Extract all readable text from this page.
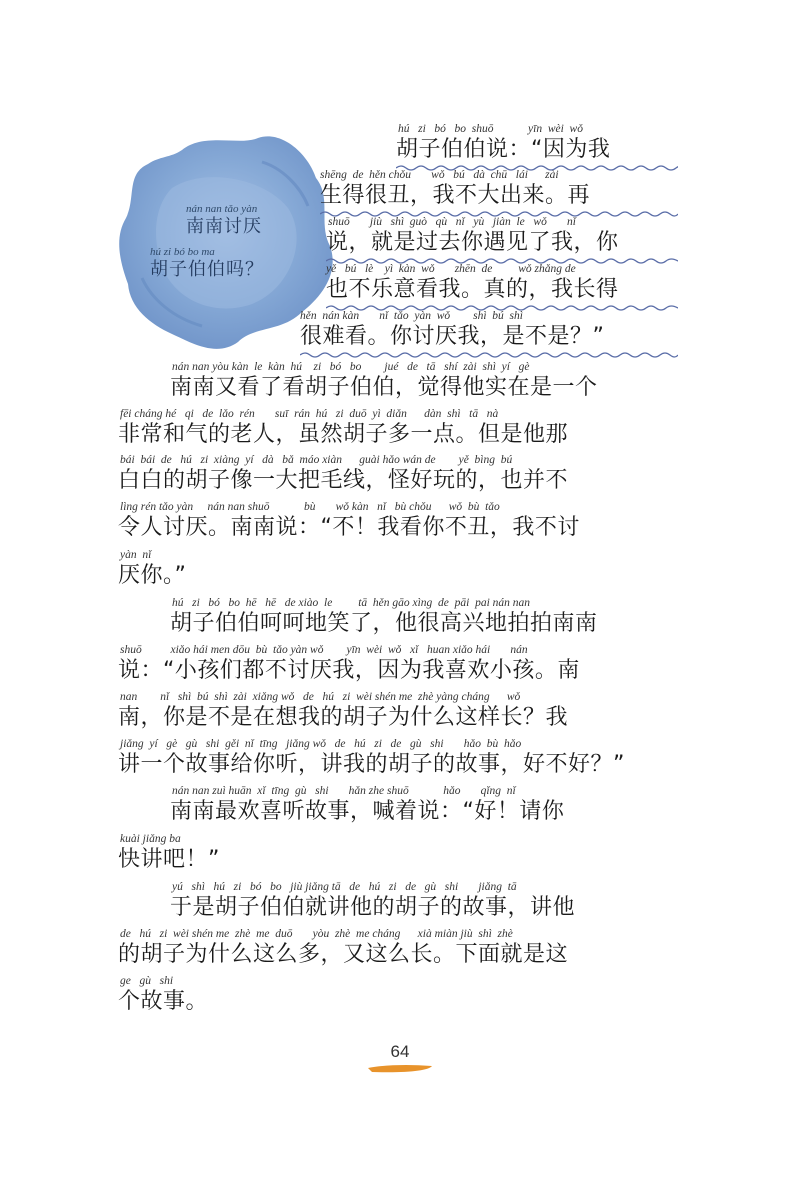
nán nan tǎo yàn
南南讨厌
hú zi bó bo ma
胡子伯伯吗？
hú   zi   bó   bo  shuō            yīn  wèi  wǒ
胡子伯伯说：“因为我
shēng  de  hěn chǒu       wǒ   bú   dà  chū   lái      zài
生得很丑，我不大出来。再
shuō       jiù   shì  guò   qù   nǐ   yù   jiàn  le   wǒ       nǐ
说，就是过去你遇见了我，你
yě   bú   lè    yì  kàn  wǒ       zhēn  de         wǒ zhǎng de
也不乐意看我。真的，我长得
hěn  nán kàn       nǐ  tǎo  yàn  wǒ        shì  bú  shì
很难看。你讨厌我，是不是？”
nán nan yòu kàn  le  kàn  hú    zi   bó   bo        jué   de   tā   shí  zài  shì  yí   gè
南南又看了看胡子伯伯，觉得他实在是一个
fēi cháng hé   qi   de  lǎo  rén       suī  rán  hú   zi  duō  yì  diǎn      dàn  shì   tā   nà
非常和气的老人，虽然胡子多一点。但是他那
bái  bái  de   hú   zi  xiàng  yí   dà   bǎ  máo xiàn      guài hǎo wán de        yě  bìng  bú
白白的胡子像一大把毛线，怪好玩的，也并不
lìng rén tǎo yàn     nán nan shuō            bù       wǒ kàn   nǐ   bù chǒu      wǒ  bù  tǎo
令人讨厌。南南说：“不！我看你不丑，我不讨
yàn  nǐ
厌你。”
hú   zi   bó   bo  hē   hē   de xiào  le         tā  hěn gāo xìng  de  pāi  pai nán nan
胡子伯伯呵呵地笑了，他很高兴地拍拍南南
shuō          xiǎo hái men dōu  bù  tǎo yàn wǒ        yīn  wèi  wǒ   xǐ   huan xiǎo hái       nán
说：“小孩们都不讨厌我，因为我喜欢小孩。南
nan        nǐ   shì  bú  shì  zài  xiǎng wǒ   de   hú   zi  wèi shén me  zhè yàng cháng      wǒ
南，你是不是在想我的胡子为什么这样长？我
jiǎng  yí   gè   gù   shi  gěi  nǐ  tīng   jiǎng wǒ   de   hú   zi   de   gù   shi       hǎo  bù  hǎo
讲一个故事给你听，讲我的胡子的故事，好不好？”
nán nan zuì huān  xǐ  tīng  gù   shi       hǎn zhe shuō            hǎo       qǐng  nǐ
南南最欢喜听故事，喊着说：“好！请你
kuài jiǎng ba
快讲吧！”
yú   shì   hú   zi   bó   bo   jiù jiǎng tā   de   hú   zi   de   gù   shi       jiǎng  tā
于是胡子伯伯就讲他的胡子的故事，讲他
de   hú   zi  wèi shén me  zhè  me  duō       yòu  zhè  me cháng      xià miàn jiù  shì  zhè
的胡子为什么这么多，又这么长。下面就是这
ge   gù   shi
个故事。
64
